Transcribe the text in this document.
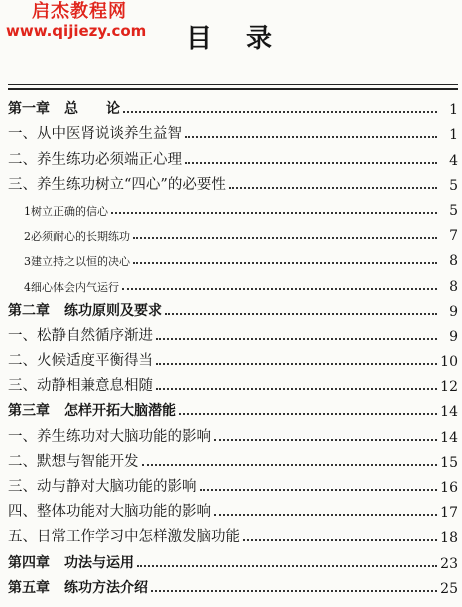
启杰教程网
www.qijiezy.com	目录
第一章　总　　论	1
一、从中医肾说谈养生益智	1
二、养生练功必须端正心理	4
三、养生练功树立“四心”的必要性	5
1树立正确的信心	5
2必须耐心的长期练功	7
3建立持之以恒的决心	8
4细心体会内气运行	8
第二章　练功原则及要求	9
一、松静自然循序渐进	9
二、火候适度平衡得当	10
三、动静相兼意息相随	12
第三章　怎样开拓大脑潜能	14
一、养生练功对大脑功能的影响	14
二、默想与智能开发	15
三、动与静对大脑功能的影响	16
四、整体功能对大脑功能的影响	17
五、日常工作学习中怎样激发脑功能	18
第四章　功法与运用	23
第五章　练功方法介绍	25
